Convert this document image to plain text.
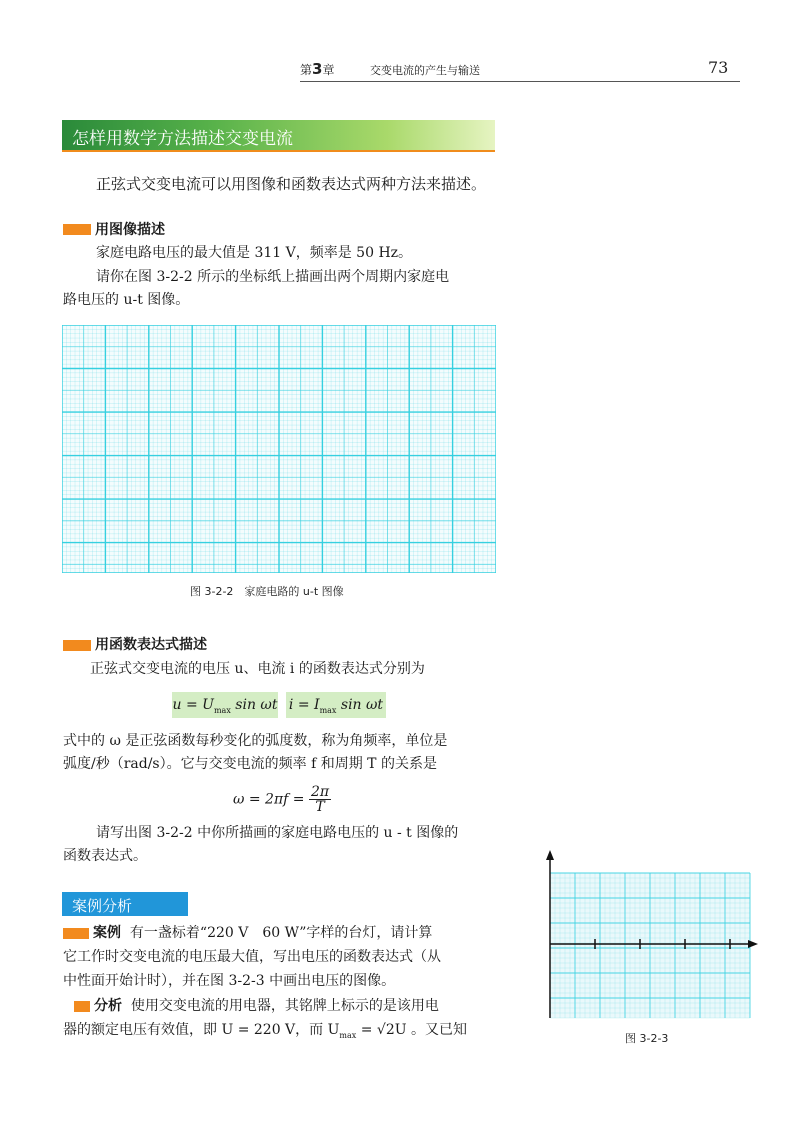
第3章	交变电流的产生与输送	73
怎样用数学方法描述交变电流
正弦式交变电流可以用图像和函数表达式两种方法来描述。
用图像描述
家庭电路电压的最大值是 311 V，频率是 50 Hz。
请你在图 3-2-2 所示的坐标纸上描画出两个周期内家庭电
路电压的 u-t 图像。
图 3-2-2　家庭电路的 u-t 图像
用函数表达式描述
正弦式交变电流的电压 u、电流 i 的函数表达式分别为
$u = U_{max}$ sin ωt $i = I_{max}$ sin ωt
式中的 ω 是正弦函数每秒变化的弧度数，称为角频率，单位是
弧度/秒（rad/s）。它与交变电流的频率 f 和周期 T 的关系是
$\omega = 2\pi f = \frac{2\pi}{T}$
请写出图 3-2-2 中你所描画的家庭电路电压的 u - t 图像的
函数表达式。
案例分析
案例 有一盏标着“220 V　60 W”字样的台灯，请计算
它工作时交变电流的电压最大值，写出电压的函数表达式（从
中性面开始计时），并在图 3-2-3 中画出电压的图像。
分析 使用交变电流的用电器，其铭牌上标示的是该用电
器的额定电压有效值，即 U = 220 V，而 $U_{max} = √2U$ 。又已知
图 3-2-3
